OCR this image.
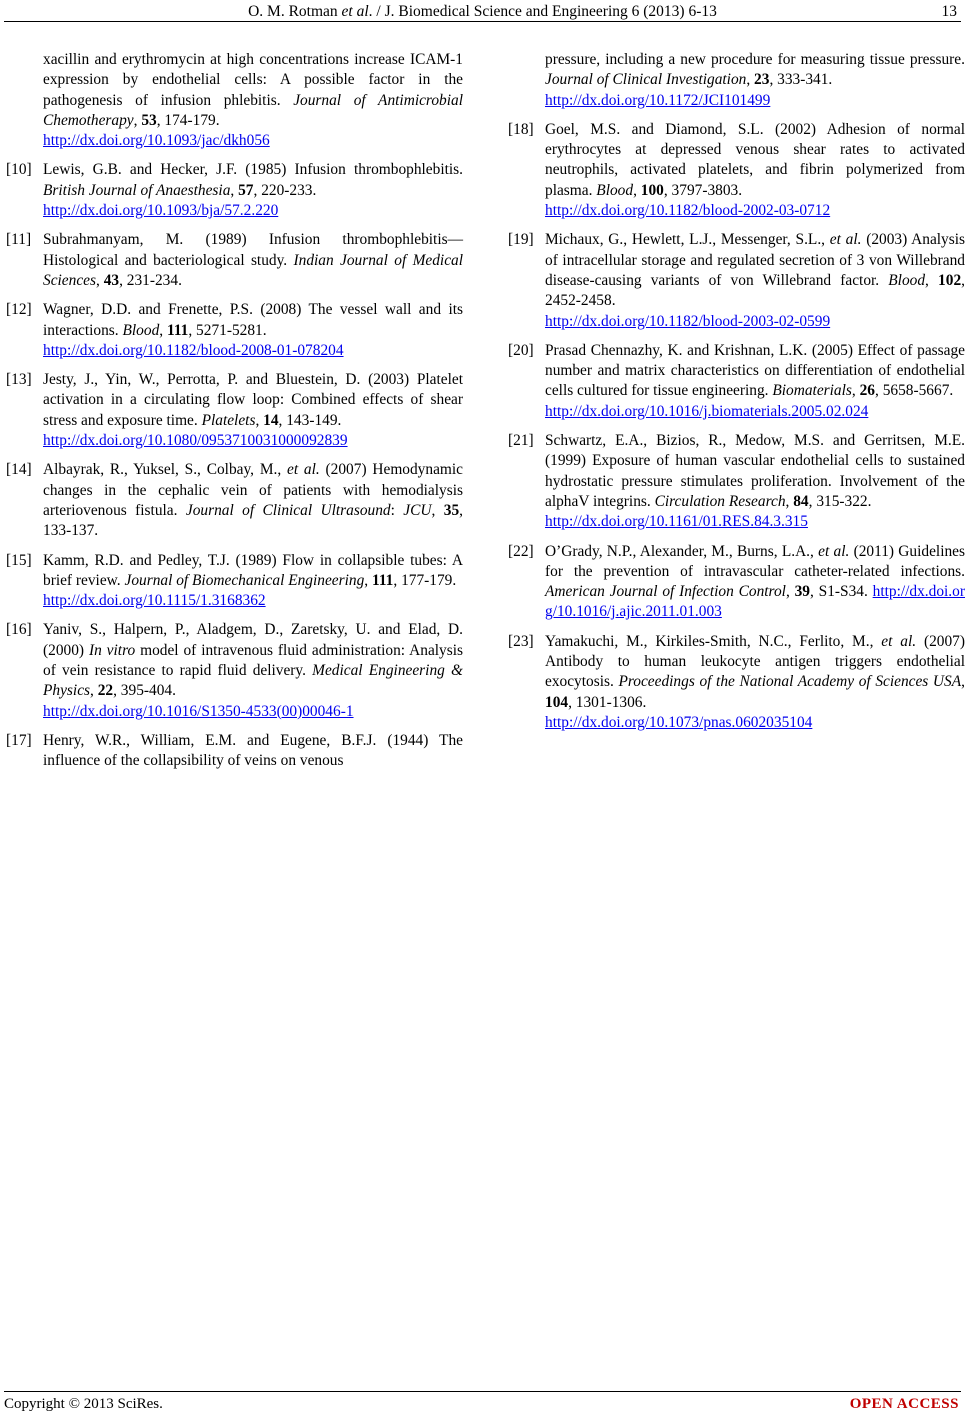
O. M. Rotman et al. / J. Biomedical Science and Engineering 6 (2013) 6-13	13
xacillin and erythromycin at high concentrations increase ICAM-1 expression by endothelial cells: A possible factor in the pathogenesis of infusion phlebitis. Journal of Antimicrobial Chemotherapy, 53, 174-179.
http://dx.doi.org/10.1093/jac/dkh056
[10] Lewis, G.B. and Hecker, J.F. (1985) Infusion thrombophlebitis. British Journal of Anaesthesia, 57, 220-233.
http://dx.doi.org/10.1093/bja/57.2.220
[11] Subrahmanyam, M. (1989) Infusion thrombophlebitis—Histological and bacteriological study. Indian Journal of Medical Sciences, 43, 231-234.
[12] Wagner, D.D. and Frenette, P.S. (2008) The vessel wall and its interactions. Blood, 111, 5271-5281.
http://dx.doi.org/10.1182/blood-2008-01-078204
[13] Jesty, J., Yin, W., Perrotta, P. and Bluestein, D. (2003) Platelet activation in a circulating flow loop: Combined effects of shear stress and exposure time. Platelets, 14, 143-149.
http://dx.doi.org/10.1080/0953710031000092839
[14] Albayrak, R., Yuksel, S., Colbay, M., et al. (2007) Hemodynamic changes in the cephalic vein of patients with hemodialysis arteriovenous fistula. Journal of Clinical Ultrasound: JCU, 35, 133-137.
[15] Kamm, R.D. and Pedley, T.J. (1989) Flow in collapsible tubes: A brief review. Journal of Biomechanical Engineering, 111, 177-179.
http://dx.doi.org/10.1115/1.3168362
[16] Yaniv, S., Halpern, P., Aladgem, D., Zaretsky, U. and Elad, D. (2000) In vitro model of intravenous fluid administration: Analysis of vein resistance to rapid fluid delivery. Medical Engineering & Physics, 22, 395-404.
http://dx.doi.org/10.1016/S1350-4533(00)00046-1
[17] Henry, W.R., William, E.M. and Eugene, B.F.J. (1944) The influence of the collapsibility of veins on venous
pressure, including a new procedure for measuring tissue pressure. Journal of Clinical Investigation, 23, 333-341.
http://dx.doi.org/10.1172/JCI101499
[18] Goel, M.S. and Diamond, S.L. (2002) Adhesion of normal erythrocytes at depressed venous shear rates to activated neutrophils, activated platelets, and fibrin polymerized from plasma. Blood, 100, 3797-3803.
http://dx.doi.org/10.1182/blood-2002-03-0712
[19] Michaux, G., Hewlett, L.J., Messenger, S.L., et al. (2003) Analysis of intracellular storage and regulated secretion of 3 von Willebrand disease-causing variants of von Willebrand factor. Blood, 102, 2452-2458.
http://dx.doi.org/10.1182/blood-2003-02-0599
[20] Prasad Chennazhy, K. and Krishnan, L.K. (2005) Effect of passage number and matrix characteristics on differentiation of endothelial cells cultured for tissue engineering. Biomaterials, 26, 5658-5667.
http://dx.doi.org/10.1016/j.biomaterials.2005.02.024
[21] Schwartz, E.A., Bizios, R., Medow, M.S. and Gerritsen, M.E. (1999) Exposure of human vascular endothelial cells to sustained hydrostatic pressure stimulates proliferation. Involvement of the alphaV integrins. Circulation Research, 84, 315-322.
http://dx.doi.org/10.1161/01.RES.84.3.315
[22] O’Grady, N.P., Alexander, M., Burns, L.A., et al. (2011) Guidelines for the prevention of intravascular catheter-related infections. American Journal of Infection Control, 39, S1-S34. http://dx.doi.org/10.1016/j.ajic.2011.01.003
[23] Yamakuchi, M., Kirkiles-Smith, N.C., Ferlito, M., et al. (2007) Antibody to human leukocyte antigen triggers endothelial exocytosis. Proceedings of the National Academy of Sciences USA, 104, 1301-1306.
http://dx.doi.org/10.1073/pnas.0602035104
Copyright © 2013 SciRes.	OPEN ACCESS
